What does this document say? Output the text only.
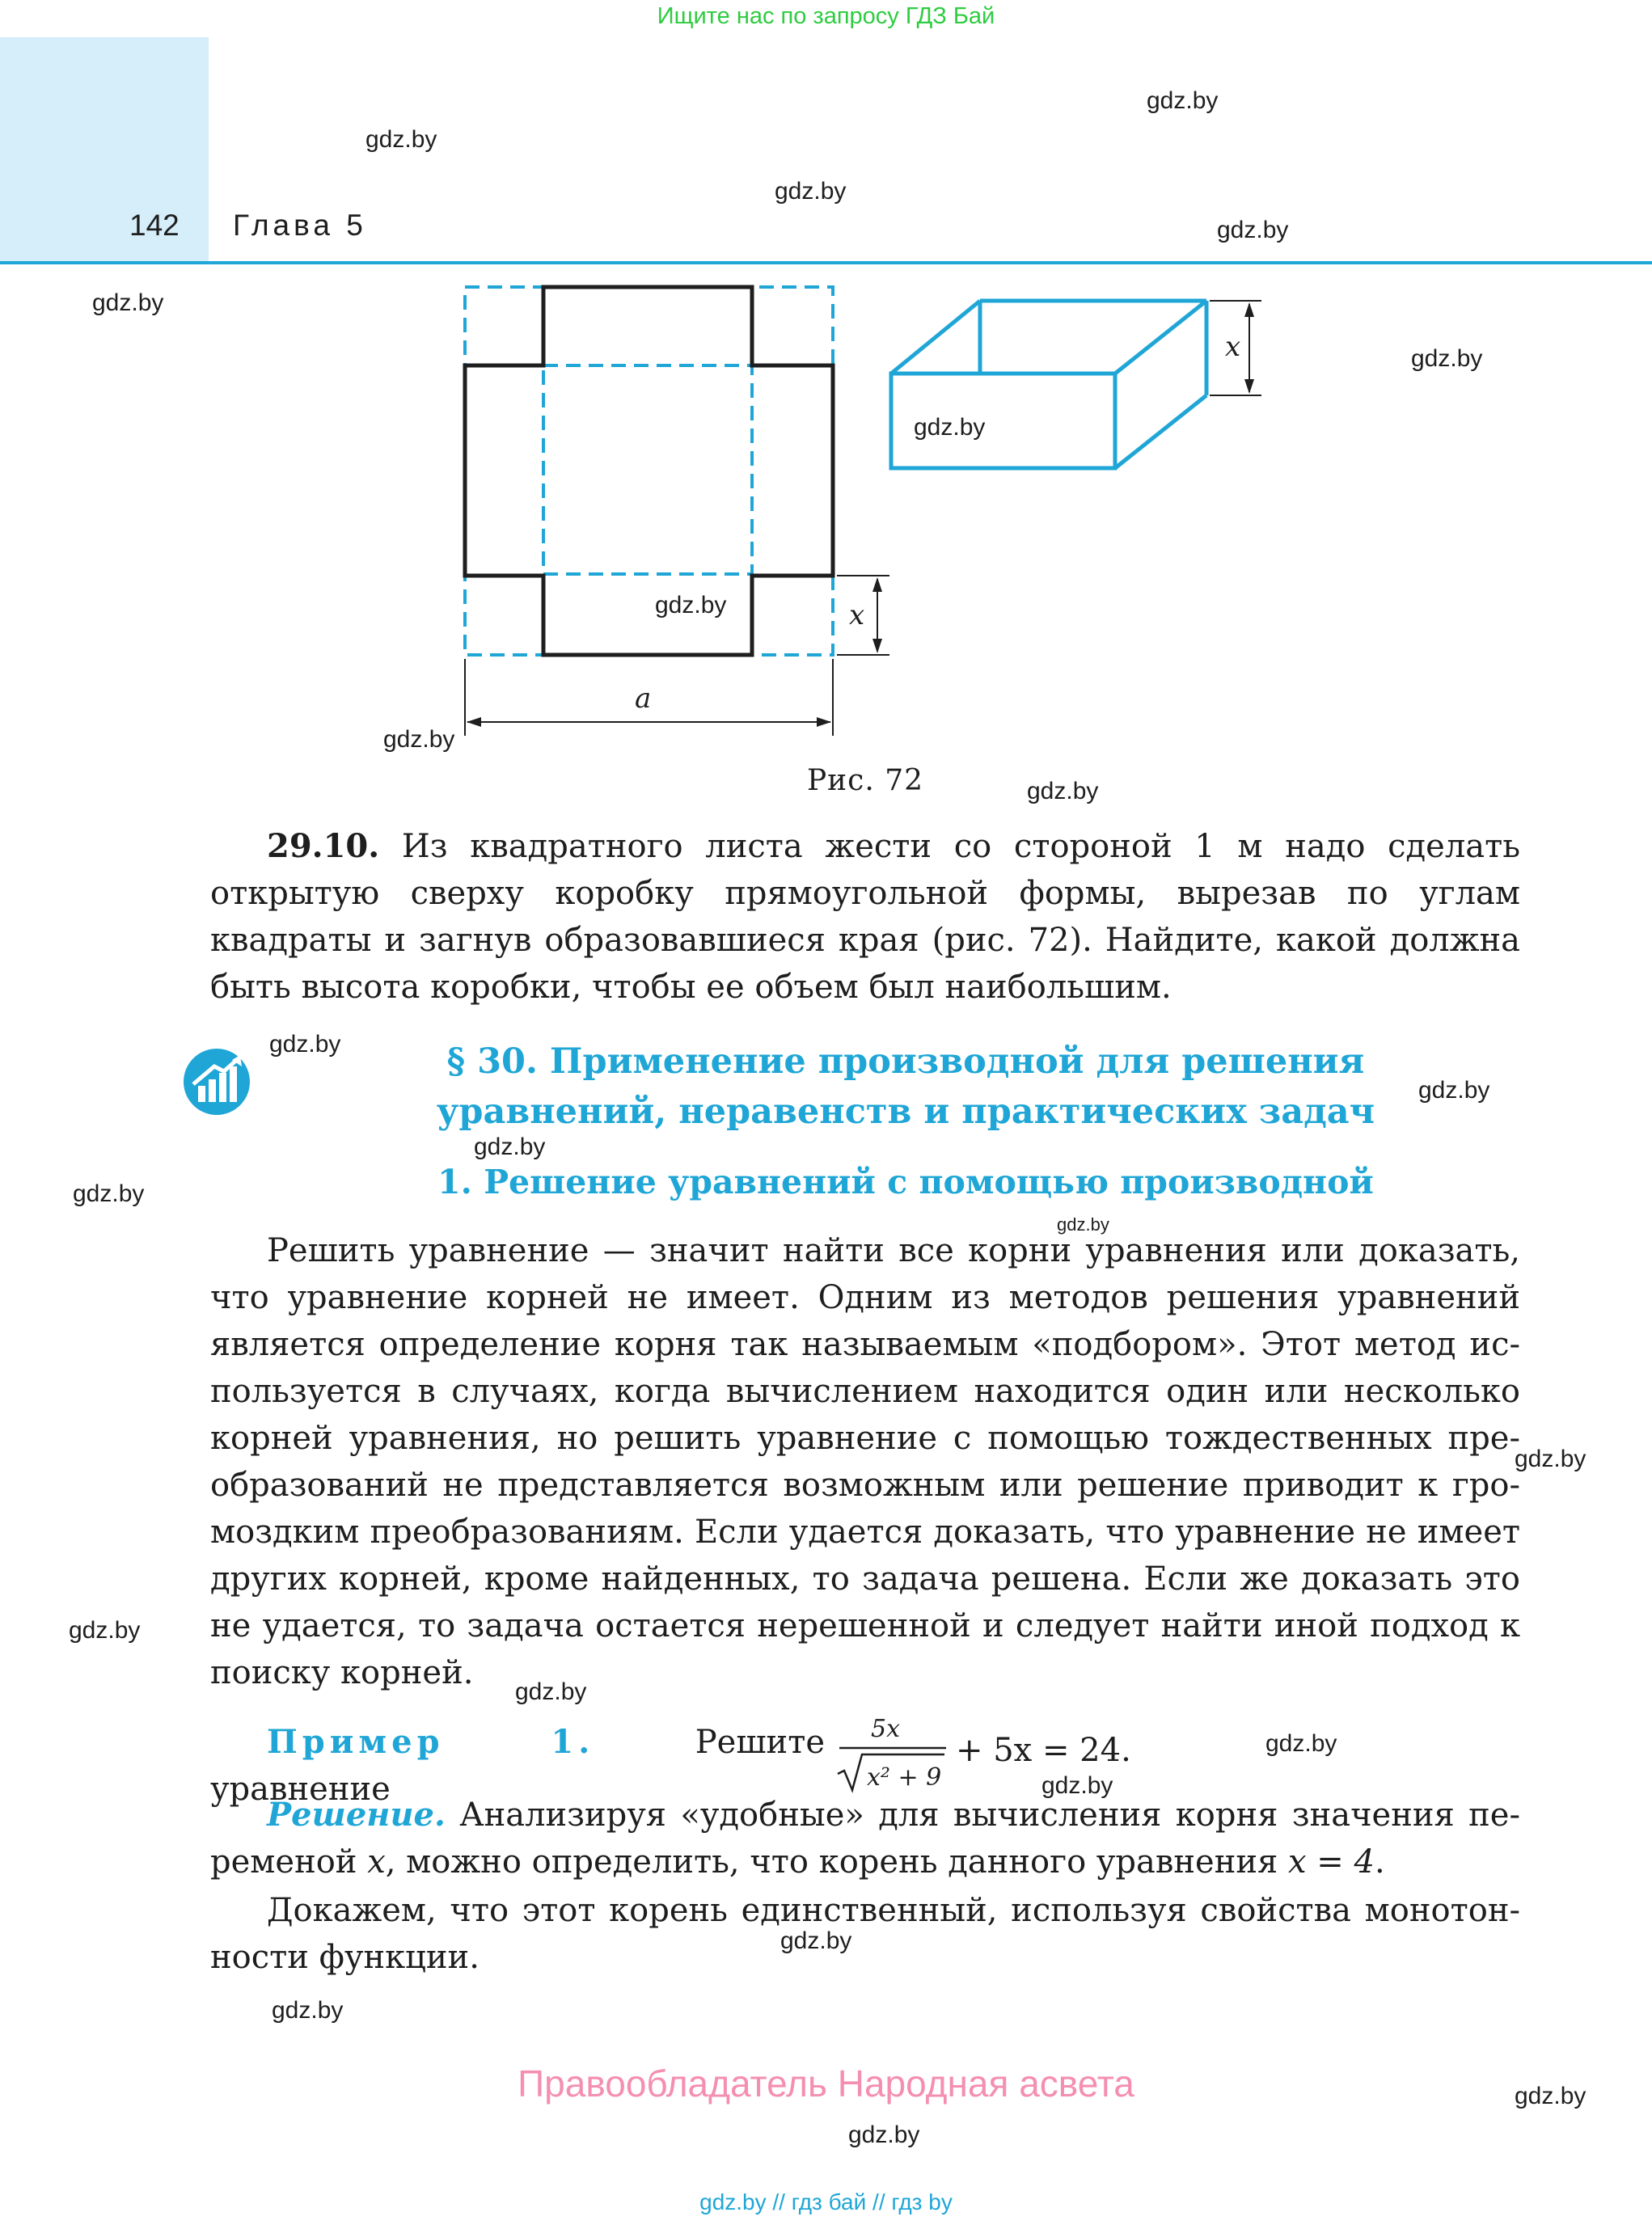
Ищите нас по запросу ГДЗ Бай
142 Глава 5
a
x
x
Рис. 72
29.10. Из квадратного листа жести со стороной 1 м надо сделать открытую сверху коробку прямоугольной формы, вырезав по углам квадраты и загнув образовавшиеся края (рис. 72). Найдите, какой должна быть высота коробки, чтобы ее объем был наибольшим.
§ 30. Применение производной для решения
уравнений, неравенств и практических задач
1. Решение уравнений с помощью производной
Решить уравнение — значит найти все корни уравнения или доказать, что уравнение корней не имеет. Одним из методов решения уравнений является определение корня так называемым «подбором». Этот метод используется в случаях, когда вычислением находится один или несколько корней уравнения, но решить уравнение с помощью тождественных преобразований не представляется возможным или решение приводит к громоздким преобразованиям. Если удается доказать, что уравнение не имеет других корней, кроме найденных, то задача решена. Если же доказать это не удается, то задача остается нерешенной и следует найти иной подход к поиску корней.
Пример 1. Решите уравнение
5x
x² + 9
+ 5x = 24.
Решение. Анализируя «удобные» для вычисления корня значения переменой x, можно определить, что корень данного уравнения x = 4.
Докажем, что этот корень единственный, используя свойства монотонности функции.
gdz.by
gdz.by
gdz.by
gdz.by
gdz.by
gdz.by
gdz.by
gdz.by
gdz.by
gdz.by
gdz.by
gdz.by
gdz.by
gdz.by
gdz.by
gdz.by
gdz.by
gdz.by
gdz.by
gdz.by
gdz.by
gdz.by
gdz.by
gdz.by
Правообладатель Народная асвета
gdz.by // гдз бай // гдз by
